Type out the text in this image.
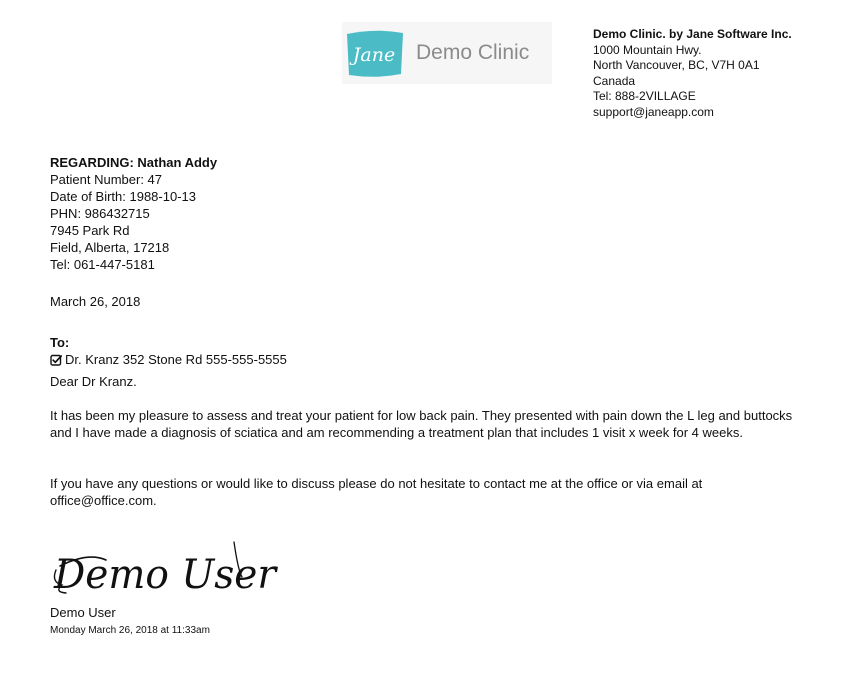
Jane Demo Clinic
Demo Clinic. by Jane Software Inc.
1000 Mountain Hwy.
North Vancouver, BC, V7H 0A1
Canada
Tel: 888-2VILLAGE
support@janeapp.com
REGARDING: Nathan Addy
Patient Number: 47
Date of Birth: 1988-10-13
PHN: 986432715
7945 Park Rd
Field, Alberta, 17218
Tel: 061-447-5181
March 26, 2018
To:
Dr. Kranz 352 Stone Rd 555-555-5555
Dear Dr Kranz.
It has been my pleasure to assess and treat your patient for low back pain. They presented with pain down the L leg and buttocks and I have made a diagnosis of sciatica and am recommending a treatment plan that includes 1 visit x week for 4 weeks.
If you have any questions or would like to discuss please do not hesitate to contact me at the office or via email at office@office.com.
Demo User
Demo User
Monday March 26, 2018 at 11:33am
